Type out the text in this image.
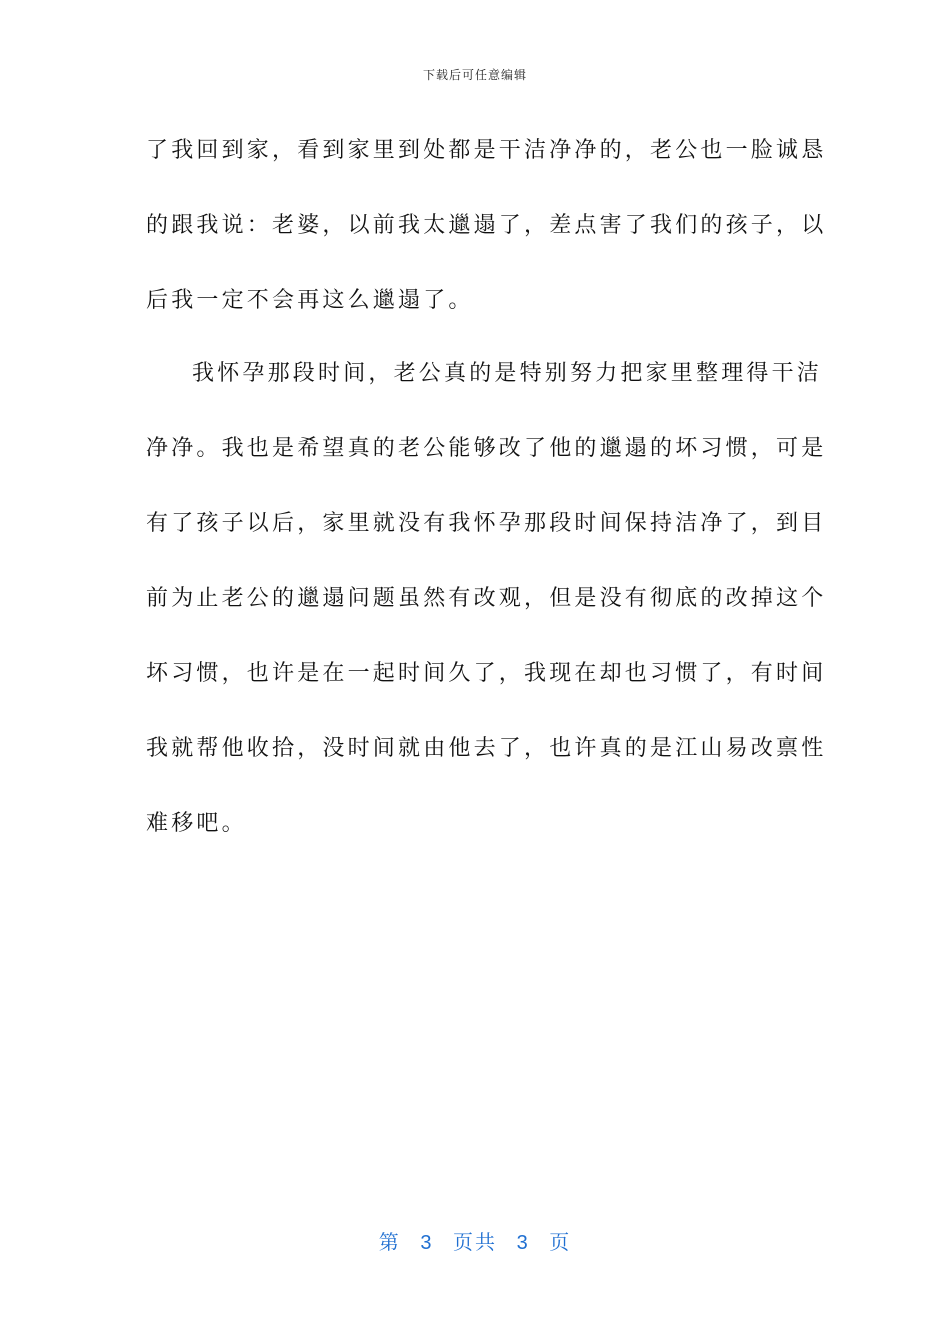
下载后可任意编辑
了我回到家，看到家里到处都是干洁净净的，老公也一脸诚恳
的跟我说：老婆，以前我太邋遢了，差点害了我们的孩子，以
后我一定不会再这么邋遢了。
我怀孕那段时间，老公真的是特别努力把家里整理得干洁
净净。我也是希望真的老公能够改了他的邋遢的坏习惯，可是
有了孩子以后，家里就没有我怀孕那段时间保持洁净了，到目
前为止老公的邋遢问题虽然有改观，但是没有彻底的改掉这个
坏习惯，也许是在一起时间久了，我现在却也习惯了，有时间
我就帮他收拾，没时间就由他去了，也许真的是江山易改禀性
难移吧。
第 3 页共 3 页
